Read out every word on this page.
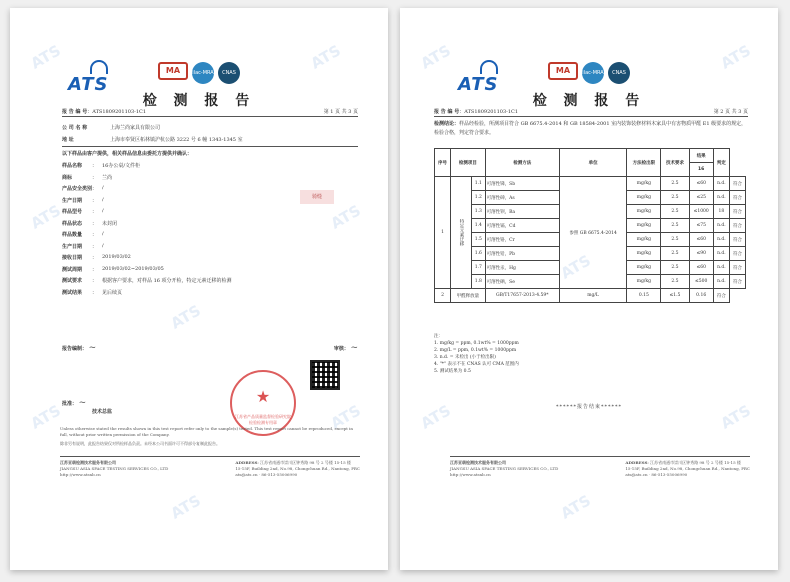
ATS	ATS
ATS	ATS
ATS
ATS	ATS
ATS
ATS
MA	ilac-MRA	CNAS
检 测 报 告
报 告 编 号：ATS1809201103-1C1	第 1 页 共 3 页
公 司 名 称	上海兰尚家具有限公司
地 址	上海市奉贤区柘林镇沪杭公路 3222 号 6 幢 1343-1345 室
以下样品由客户提供，相关样品信息由委托方提供并确认：
样品名称	： 16办公桌/文件柜
商标	： 兰尚
产品安全类别 ： /
生产日期	： /
样品型号	： /
样品状态	： 未封闭
样品数量	： /
生产日期	： /
接收日期	： 2019/03/02
测试周期	： 2019/03/02~2019/03/05
测试要求	： 根据客户要求，对样品 16 项分开检，特定元素迁移的检测
测试结果	： 见后续页
骑缝
报告编制： ~	审核： ~
批准： ~
技术总监
★
江苏省产品质量监督检验研究院
检验检测专用章
Unless otherwise stated the results shown in this test report refer only to the sample(s) tested. This test report cannot be reproduced, except in full, without prior written permission of the Company.
除非另有说明，此报告结果仅对所检样品负责。未经本公司书面许可不得部分复制此报告。
江苏亚萌检测技术服务有限公司
JIANGSU ASIA SPACE TESTING SERVICES CO., LTD
http://www.atsnb.cn
ADDRESS: 江苏省南通市崇川区钟秀路 98 号 2 号楼 15-15 楼
15-15F, Building 2nd, No.98, Chongchuan Rd., Nantong, PRC
ats@ats.cn · 86-513-55006990
ATS	ATS
ATS
ATS	ATS
ATS
ATS
MA	ilac-MRA	CNAS
检 测 报 告
报 告 编 号：ATS1809201103-1C1	第 2 页 共 3 页
检测结论：样品经检验，所测项目符合 GB 6675.4-2014 和 GB 18584-2001 室内装饰装修材料木家具中有害物质甲醛 E1 级要求的规定，检验合格，判定符合要求。
序号	检测项目		检测方法	单位	方法检出限	技术要求	结果	判定	
							16		
1	特定元素迁移	1.1	可溶性锑，Sb	参照 GB 6675.4-2014	mg/kg	2.5	≤60	n.d.	符合
		1.2	可溶性砷，As		mg/kg	2.5	≤25	n.d.	符合
		1.3	可溶性钡，Ba		mg/kg	2.5	≤1000	18	符合
		1.4	可溶性镉，Cd		mg/kg	2.5	≤75	n.d.	符合
		1.5	可溶性铬，Cr		mg/kg	2.5	≤60	n.d.	符合
		1.6	可溶性铅，Pb		mg/kg	2.5	≤90	n.d.	符合
		1.7	可溶性汞，Hg		mg/kg	2.5	≤60	n.d.	符合
		1.8	可溶性硒，Se		mg/kg	2.5	≤500	n.d.	符合
2	甲醛释放量		GB/T17657-2013-4.59*	mg/L	0.15	≤1.5	0.16	符合	
注：
1. mg/kg = ppm, 0.1wt% = 1000ppm
2. mg/L = ppm, 0.1wt% = 1000ppm
3. n.d. = 未检出 (小于检出限)
4. "*" 表示不在 CNAS 认可 CMA 范围内
5. 测试结果为 0.5
******报告结束******
江苏亚萌检测技术服务有限公司
JIANGSU ASIA SPACE TESTING SERVICES CO., LTD
http://www.atsnb.cn
ADDRESS: 江苏省南通市崇川区钟秀路 98 号 2 号楼 15-15 楼
15-15F, Building 2nd, No.98, Chongchuan Rd., Nantong, PRC
ats@ats.cn · 86-513-55006990
